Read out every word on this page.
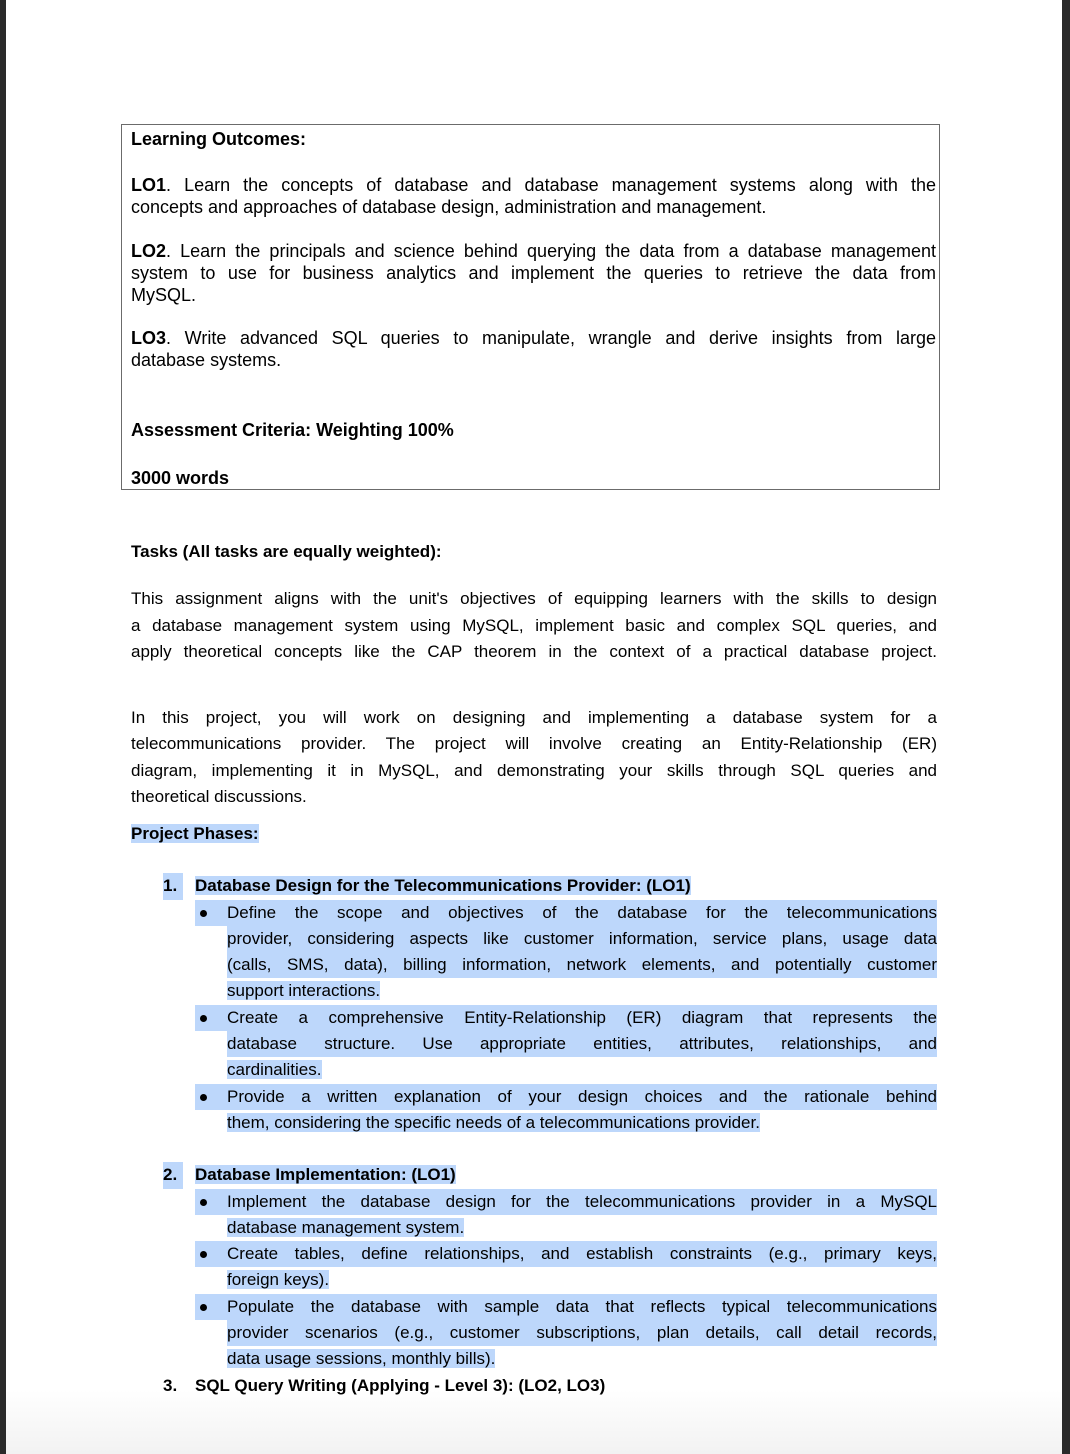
Learning Outcomes:
LO1. Learn the concepts of database and database management systems along with the
concepts and approaches of database design, administration and management.
LO2. Learn the principals and science behind querying the data from a database management
system to use for business analytics and implement the queries to retrieve the data from
MySQL.
LO3. Write advanced SQL queries to manipulate, wrangle and derive insights from large
database systems.
Assessment Criteria: Weighting 100%
3000 words
Tasks (All tasks are equally weighted):
This assignment aligns with the unit's objectives of equipping learners with the skills to design
a database management system using MySQL, implement basic and complex SQL queries, and
apply theoretical concepts like the CAP theorem in the context of a practical database project.
In this project, you will work on designing and implementing a database system for a
telecommunications provider. The project will involve creating an Entity-Relationship (ER)
diagram, implementing it in MySQL, and demonstrating your skills through SQL queries and
theoretical discussions.
Project Phases:
1.	Database Design for the Telecommunications Provider: (LO1)
Define the scope and objectives of the database for the telecommunications
provider, considering aspects like customer information, service plans, usage data
(calls, SMS, data), billing information, network elements, and potentially customer
support interactions.
Create a comprehensive Entity-Relationship (ER) diagram that represents the
database structure. Use appropriate entities, attributes, relationships, and
cardinalities.
Provide a written explanation of your design choices and the rationale behind
them, considering the specific needs of a telecommunications provider.
2.	Database Implementation: (LO1)
Implement the database design for the telecommunications provider in a MySQL
database management system.
Create tables, define relationships, and establish constraints (e.g., primary keys,
foreign keys).
Populate the database with sample data that reflects typical telecommunications
provider scenarios (e.g., customer subscriptions, plan details, call detail records,
data usage sessions, monthly bills).
3. SQL Query Writing (Applying - Level 3): (LO2, LO3)
